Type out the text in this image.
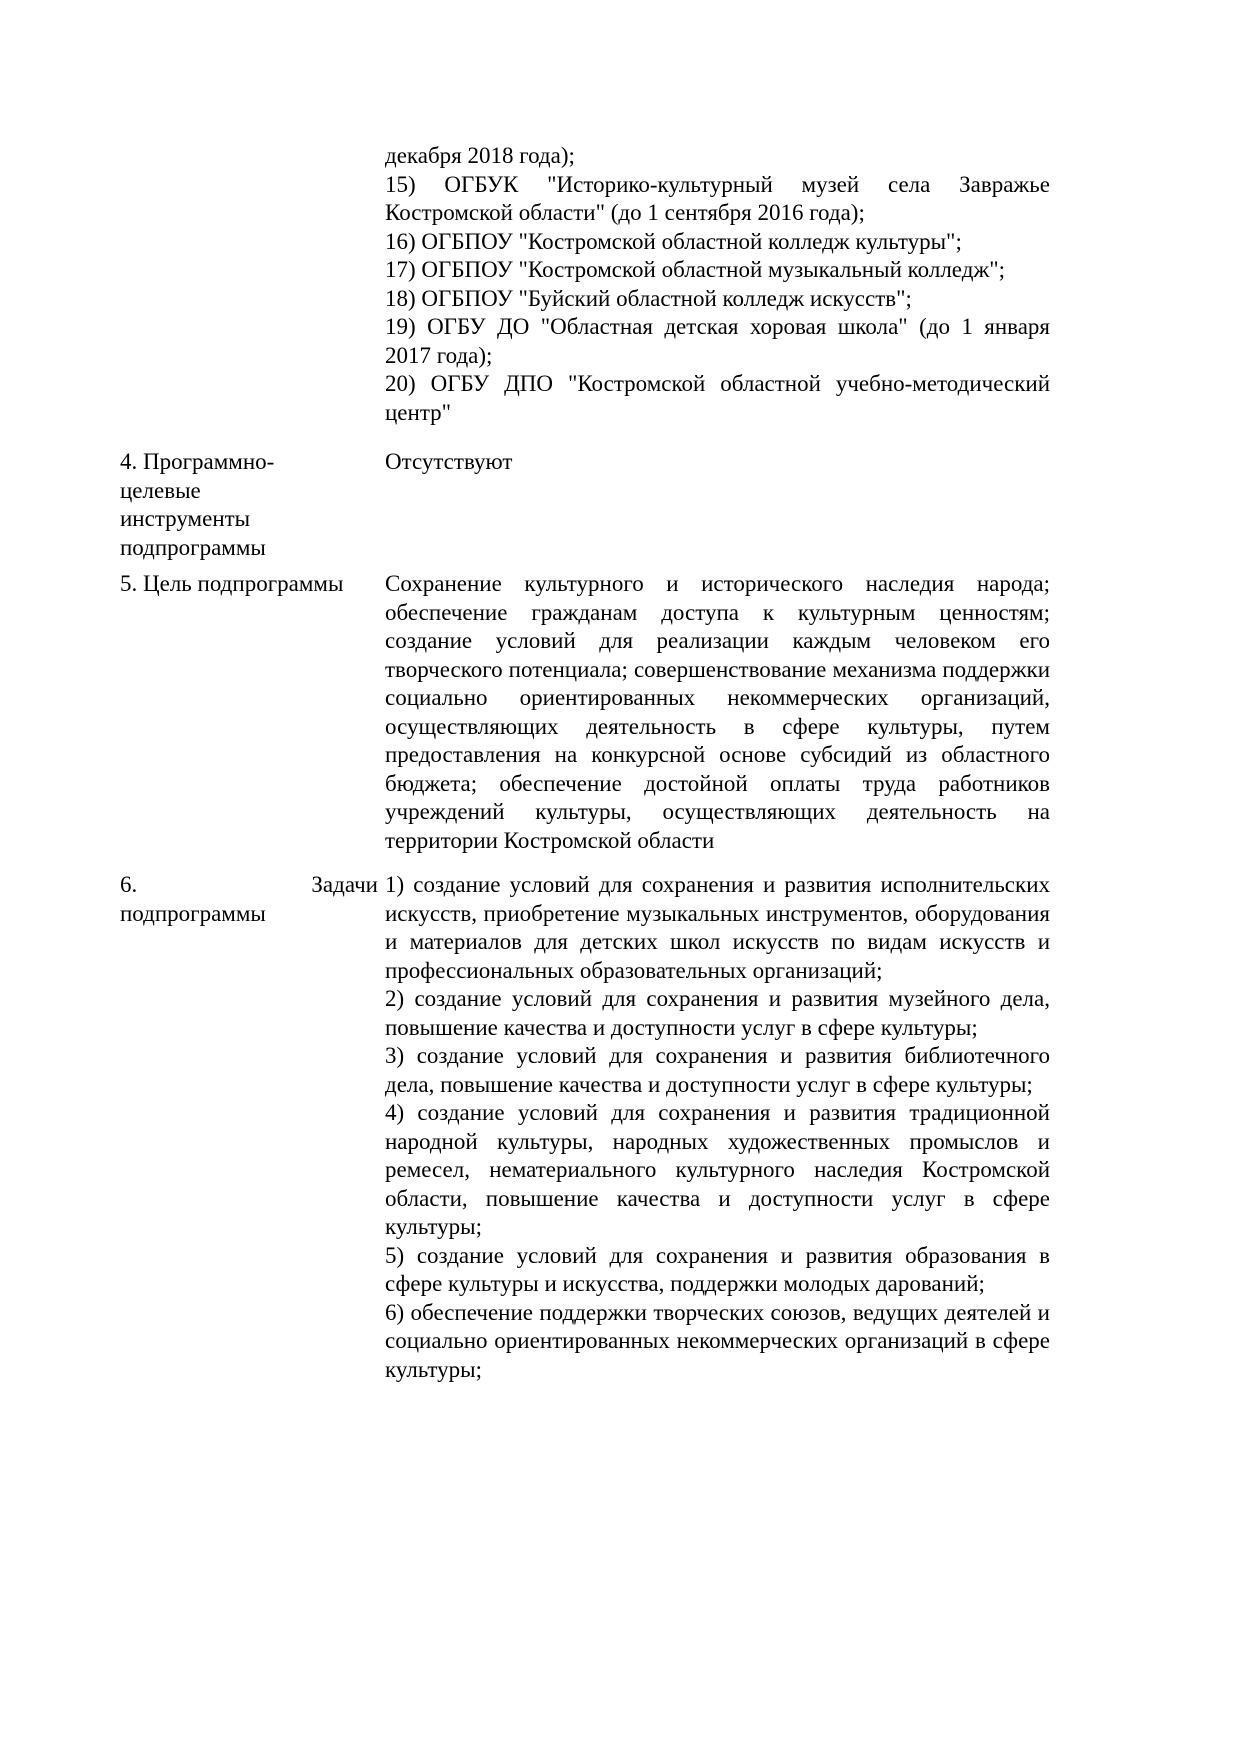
декабря 2018 года);

15) ОГБУК "Историко-культурный музей села Завражье Костромской области" (до 1 сентября 2016 года);

16) ОГБПОУ "Костромской областной колледж культуры";

17) ОГБПОУ "Костромской областной музыкальный колледж";

18) ОГБПОУ "Буйский областной колледж искусств";

19) ОГБУ ДО "Областная детская хоровая школа" (до 1 января 2017 года);

20) ОГБУ ДПО "Костромской областной учебно-методический центр"

4. Программно-целевые инструменты подпрограммы

Отсутствуют

5. Цель подпрограммы	Сохранение культурного и исторического наследия народа; обеспечение гражданам доступа к культурным ценностям; создание условий для реализации каждым человеком его творческого потенциала; совершенствование механизма поддержки социально ориентированных некоммерческих организаций, осуществляющих деятельность в сфере культуры, путем предоставления на конкурсной основе субсидий из областного бюджета; обеспечение достойной оплаты труда работников учреждений культуры, осуществляющих деятельность на территории Костромской области

6.	Задачи
подпрограммы

1) создание условий для сохранения и развития исполнительских искусств, приобретение музыкальных инструментов, оборудования и материалов для детских школ искусств по видам искусств и профессиональных образовательных организаций;

2) создание условий для сохранения и развития музейного дела, повышение качества и доступности услуг в сфере культуры;

3) создание условий для сохранения и развития библиотечного дела, повышение качества и доступности услуг в сфере культуры;

4) создание условий для сохранения и развития традиционной народной культуры, народных художественных промыслов и ремесел, нематериального культурного наследия Костромской области, повышение качества и доступности услуг в сфере культуры;

5) создание условий для сохранения и развития образования в сфере культуры и искусства, поддержки молодых дарований;

6) обеспечение поддержки творческих союзов, ведущих деятелей и социально ориентированных некоммерческих организаций в сфере культуры;
